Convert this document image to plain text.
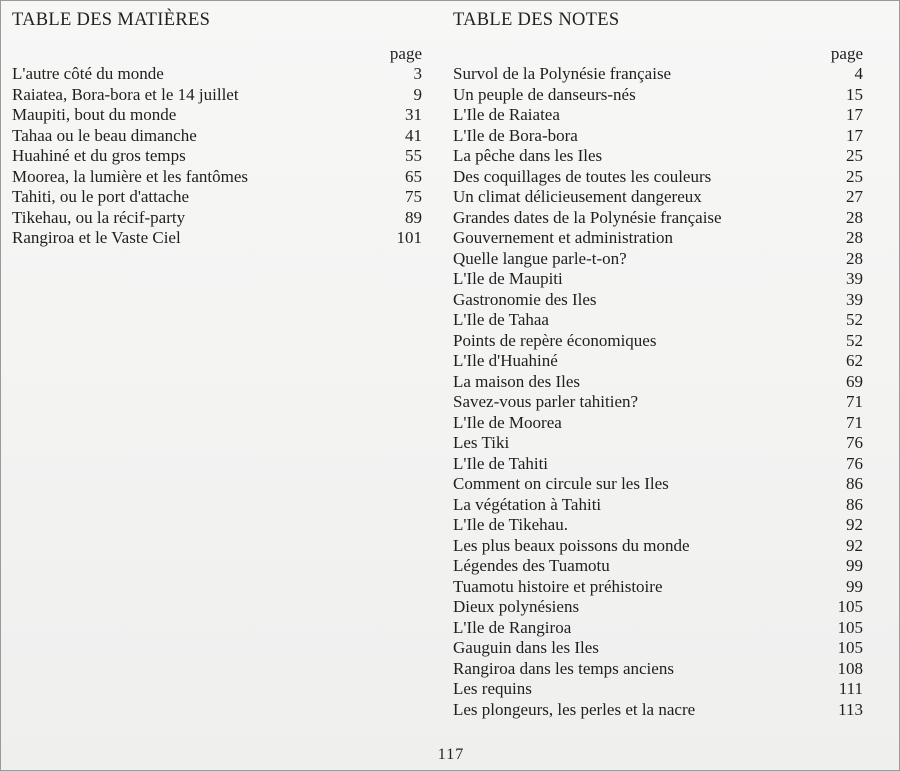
TABLE DES MATIÈRES	TABLE DES NOTES
page
L'autre côté du monde	3
Raiatea, Bora-bora et le 14 juillet	9
Maupiti, bout du monde	31
Tahaa ou le beau dimanche	41
Huahiné et du gros temps	55
Moorea, la lumière et les fantômes	65
Tahiti, ou le port d'attache	75
Tikehau, ou la récif-party	89
Rangiroa et le Vaste Ciel	101
page
Survol de la Polynésie française	4
Un peuple de danseurs-nés	15
L'Ile de Raiatea	17
L'Ile de Bora-bora	17
La pêche dans les Iles	25
Des coquillages de toutes les couleurs	25
Un climat délicieusement dangereux	27
Grandes dates de la Polynésie française	28
Gouvernement et administration	28
Quelle langue parle-t-on?	28
L'Ile de Maupiti	39
Gastronomie des Iles	39
L'Ile de Tahaa	52
Points de repère économiques	52
L'Ile d'Huahiné	62
La maison des Iles	69
Savez-vous parler tahitien?	71
L'Ile de Moorea	71
Les Tiki	76
L'Ile de Tahiti	76
Comment on circule sur les Iles	86
La végétation à Tahiti	86
L'Ile de Tikehau.	92
Les plus beaux poissons du monde	92
Légendes des Tuamotu	99
Tuamotu histoire et préhistoire	99
Dieux polynésiens	105
L'Ile de Rangiroa	105
Gauguin dans les Iles	105
Rangiroa dans les temps anciens	108
Les requins	111
Les plongeurs, les perles et la nacre	113
117
